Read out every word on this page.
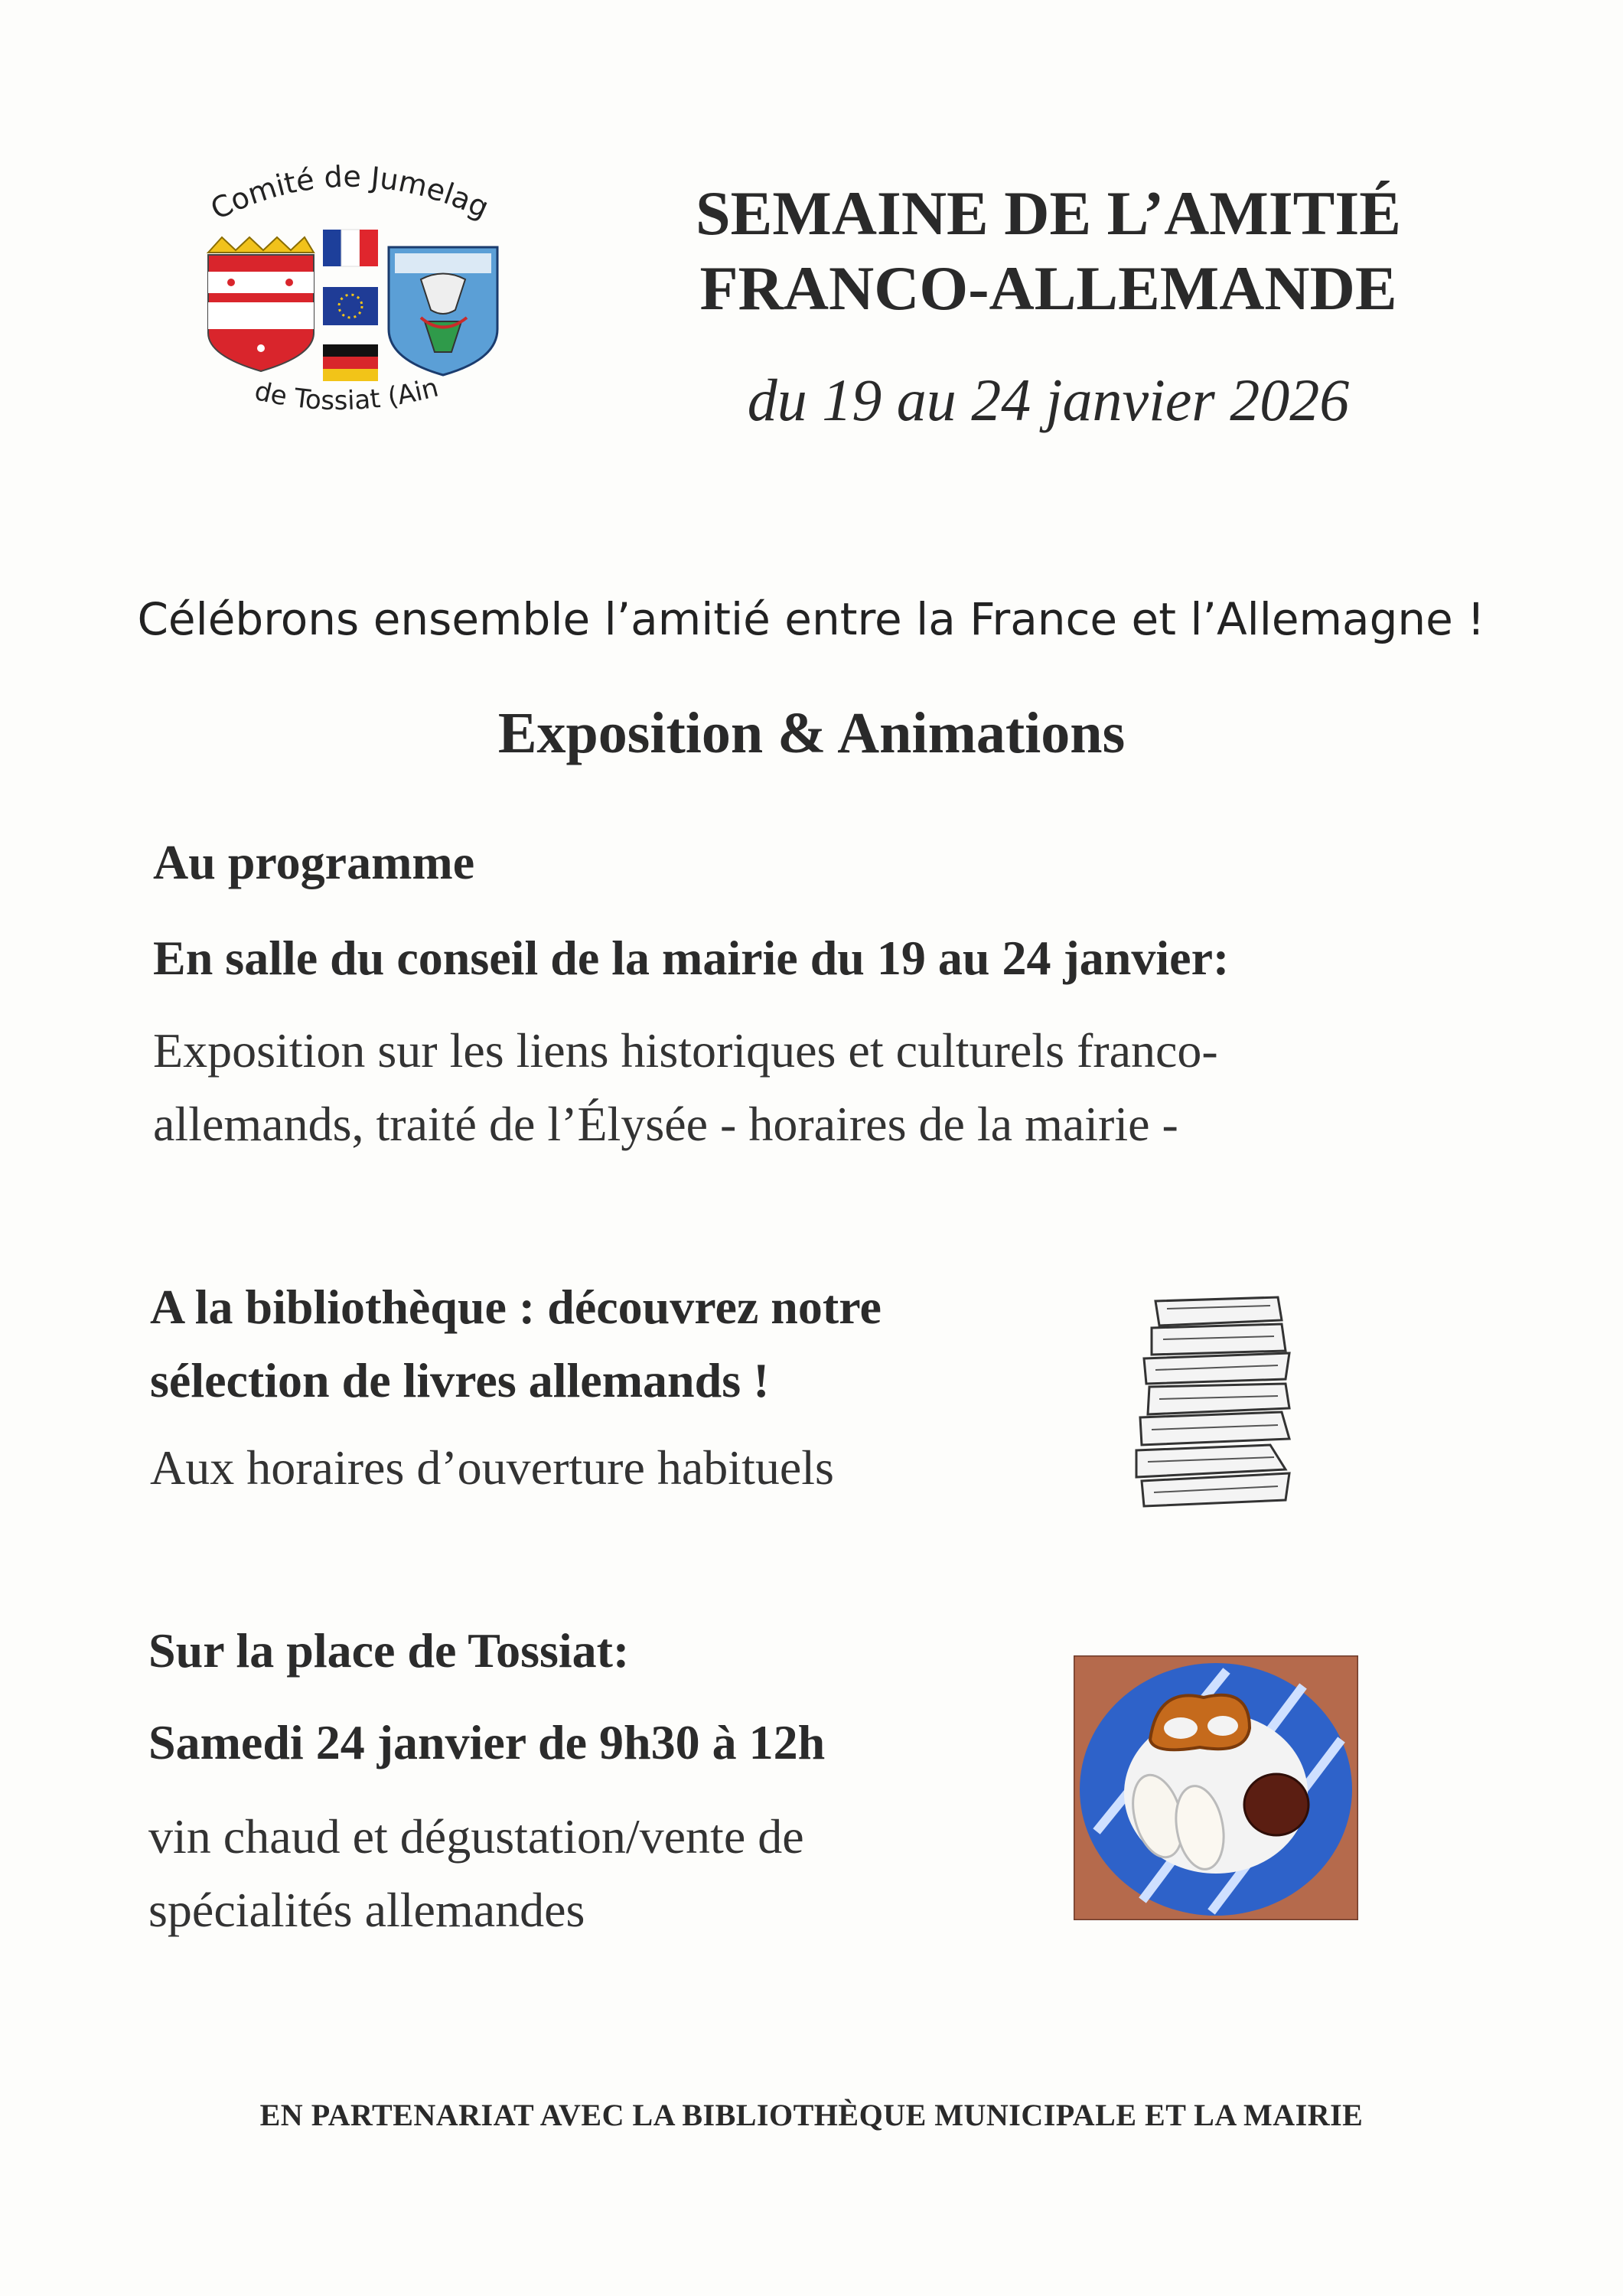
Comité de Jumelag
de Tossiat (Ain
SEMAINE DE L’AMITIÉ
FRANCO-ALLEMANDE
du 19 au 24 janvier 2026
Célébrons ensemble l’amitié entre la France et l’Allemagne !
Exposition & Animations
Au programme
En salle du conseil de la mairie du 19 au 24 janvier:
Exposition sur les liens historiques et culturels franco-
allemands, traité de l’Élysée - horaires de la mairie -
A la bibliothèque : découvrez notre
sélection de livres allemands !
Aux horaires d’ouverture habituels
Sur la place de Tossiat:
Samedi 24 janvier de 9h30 à 12h
vin chaud et dégustation/vente de
spécialités allemandes
EN PARTENARIAT AVEC LA BIBLIOTHÈQUE MUNICIPALE ET LA MAIRIE
